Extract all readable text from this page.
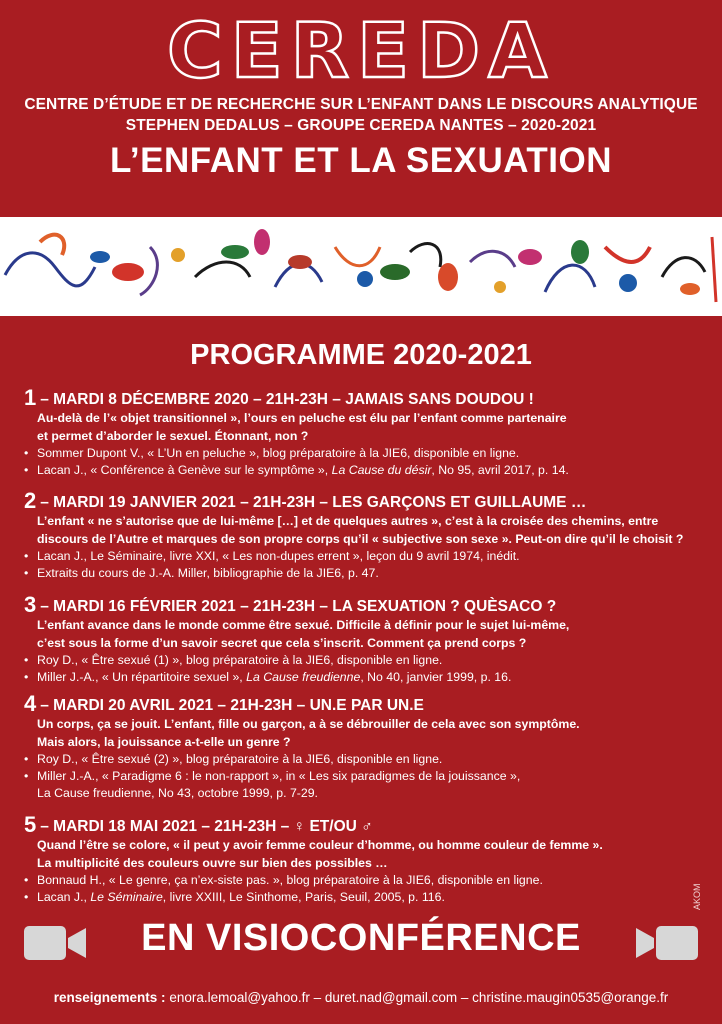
CEREDA
CENTRE D’ÉTUDE ET DE RECHERCHE SUR L’ENFANT DANS LE DISCOURS ANALYTIQUE
STEPHEN DEDALUS – GROUPE CEREDA NANTES – 2020-2021
L’ENFANT ET LA SEXUATION
PROGRAMME 2020-2021
1 – MARDI 8 DÉCEMBRE 2020 – 21H-23H – JAMAIS SANS DOUDOU !
Au-delà de l’« objet transitionnel », l’ours en peluche est élu par l’enfant comme partenaire
et permet d’aborder le sexuel. Étonnant, non ?
• Sommer Dupont V., « L’Un en peluche », blog préparatoire à la JIE6, disponible en ligne.
• Lacan J., « Conférence à Genève sur le symptôme », La Cause du désir, No 95, avril 2017, p. 14.
2 – MARDI 19 JANVIER 2021 – 21H-23H – LES GARÇONS ET GUILLAUME …
L’enfant « ne s’autorise que de lui-même […] et de quelques autres », c’est à la croisée des chemins, entre
discours de l’Autre et marques de son propre corps qu’il « subjective son sexe ». Peut-on dire qu’il le choisit ?
• Lacan J., Le Séminaire, livre XXI, « Les non-dupes errent », leçon du 9 avril 1974, inédit.
• Extraits du cours de J.-A. Miller, bibliographie de la JIE6, p. 47.
3 – MARDI 16 FÉVRIER 2021 – 21H-23H – LA SEXUATION ? QUÈSACO ?
L’enfant avance dans le monde comme être sexué. Difficile à définir pour le sujet lui-même,
c’est sous la forme d’un savoir secret que cela s’inscrit. Comment ça prend corps ?
• Roy D., « Être sexué (1) », blog préparatoire à la JIE6, disponible en ligne.
• Miller J.-A., « Un répartitoire sexuel », La Cause freudienne, No 40, janvier 1999, p. 16.
4 – MARDI 20 AVRIL 2021 – 21H-23H – UN.E PAR UN.E
Un corps, ça se jouit. L’enfant, fille ou garçon, a à se débrouiller de cela avec son symptôme.
Mais alors, la jouissance a-t-elle un genre ?
• Roy D., « Être sexué (2) », blog préparatoire à la JIE6, disponible en ligne.
• Miller J.-A., « Paradigme 6 : le non-rapport », in « Les six paradigmes de la jouissance »,
La Cause freudienne, No 43, octobre 1999, p. 7-29.
5 – MARDI 18 MAI 2021 – 21H-23H – ♀ ET/OU ♂
Quand l’être se colore, « il peut y avoir femme couleur d’homme, ou homme couleur de femme ».
La multiplicité des couleurs ouvre sur bien des possibles …
• Bonnaud H., « Le genre, ça n’ex-siste pas. », blog préparatoire à la JIE6, disponible en ligne.
• Lacan J., Le Séminaire, livre XXIII, Le Sinthome, Paris, Seuil, 2005, p. 116.	AKOM
EN VISIOCONFÉRENCE
renseignements : enora.lemoal@yahoo.fr – duret.nad@gmail.com – christine.maugin0535@orange.fr
